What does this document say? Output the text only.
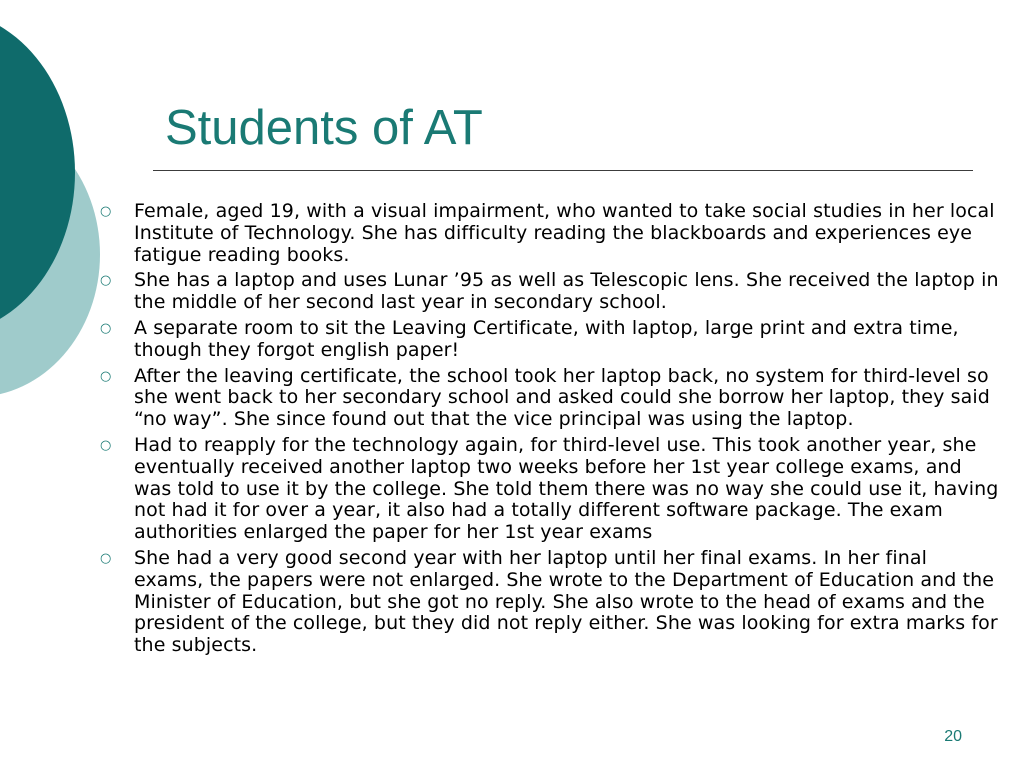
Students of AT
○ Female, aged 19, with a visual impairment, who wanted to take social studies in her local Institute of Technology. She has difficulty reading the blackboards and experiences eye fatigue reading books.
○ She has a laptop and uses Lunar ’95 as well as Telescopic lens. She received the laptop in the middle of her second last year in secondary school.
○ A separate room to sit the Leaving Certificate, with laptop, large print and extra time, though they forgot english paper!
○ After the leaving certificate, the school took her laptop back, no system for third-level so she went back to her secondary school and asked could she borrow her laptop, they said “no way”. She since found out that the vice principal was using the laptop.
○ Had to reapply for the technology again, for third-level use. This took another year, she eventually received another laptop two weeks before her 1st year college exams, and was told to use it by the college. She told them there was no way she could use it, having not had it for over a year, it also had a totally different software package. The exam authorities enlarged the paper for her 1st year exams
○ She had a very good second year with her laptop until her final exams. In her final exams, the papers were not enlarged. She wrote to the Department of Education and the Minister of Education, but she got no reply. She also wrote to the head of exams and the president of the college, but they did not reply either. She was looking for extra marks for the subjects.
20
